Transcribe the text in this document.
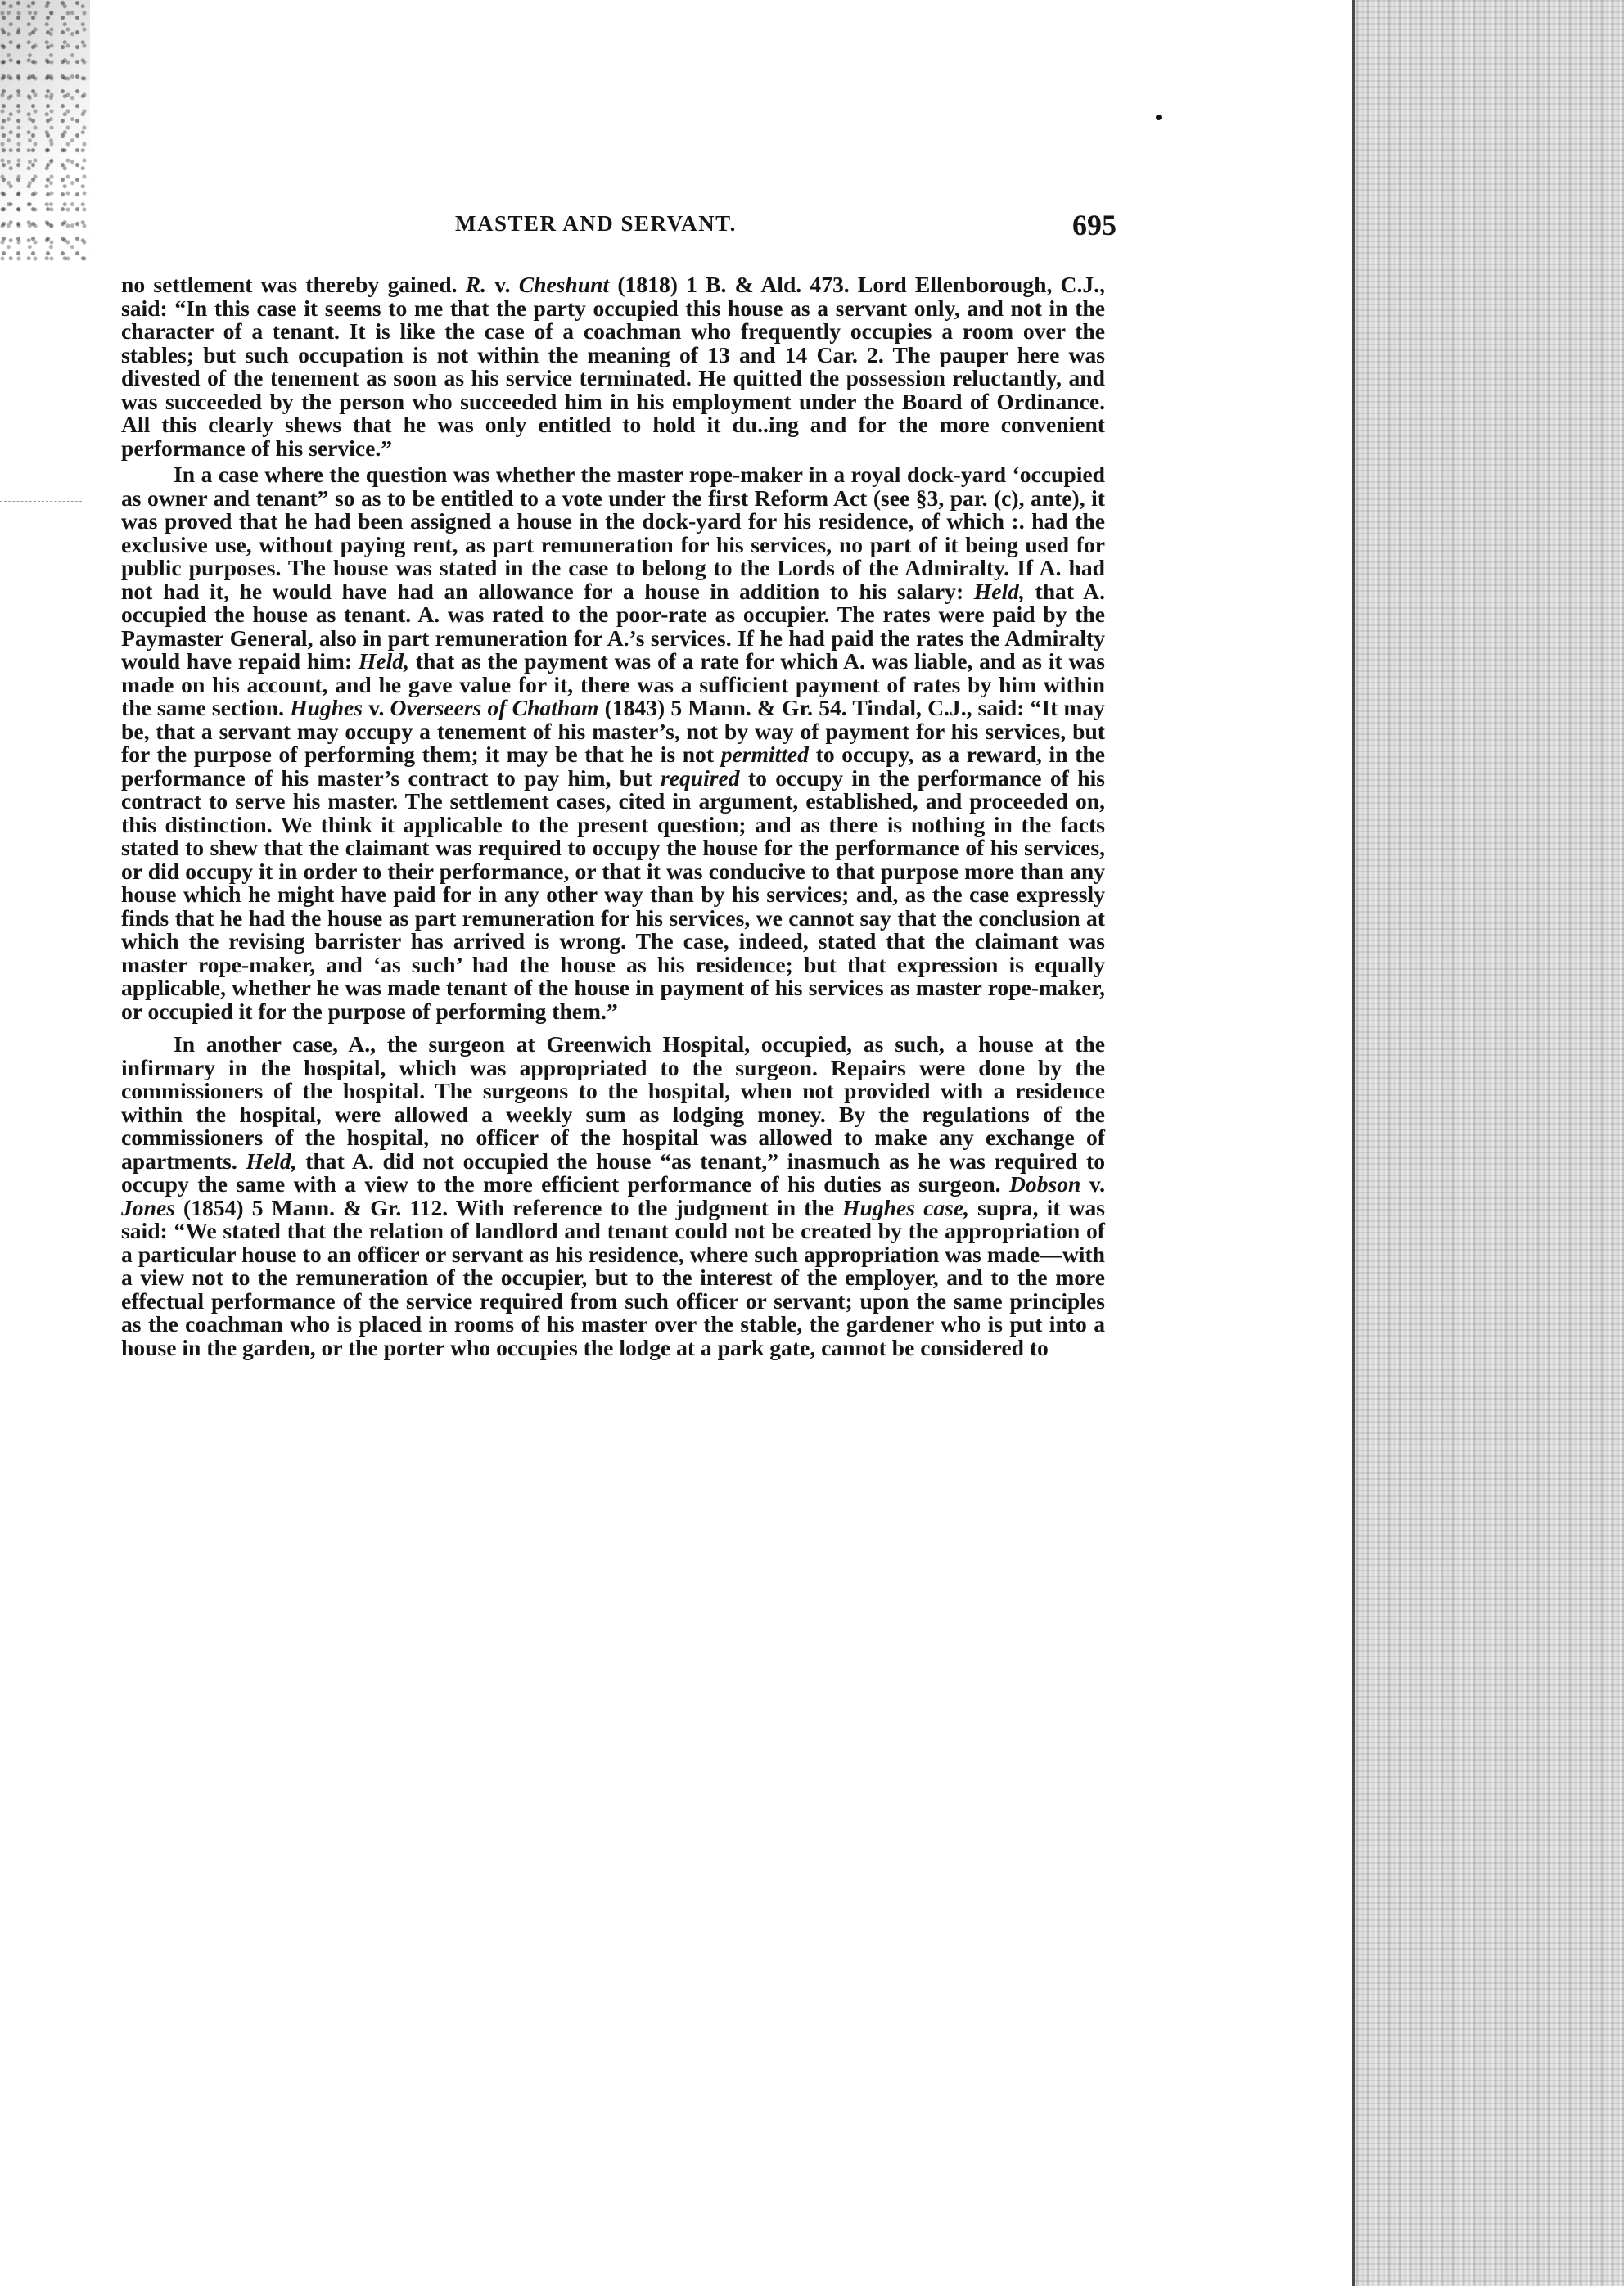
MASTER AND SERVANT.	695

no settlement was thereby gained. R. v. Cheshunt (1818) 1 B. & Ald. 473. Lord Ellenborough, C.J., said: “In this case it seems to me that the party occupied this house as a servant only, and not in the character of a tenant. It is like the case of a coachman who frequently occupies a room over the stables; but such occupation is not within the meaning of 13 and 14 Car. 2. The pauper here was divested of the tenement as soon as his service terminated. He quitted the possession reluctantly, and was succeeded by the person who succeeded him in his employment under the Board of Ordinance. All this clearly shews that he was only entitled to hold it du..ing and for the more convenient performance of his service.”

In a case where the question was whether the master rope-maker in a royal dock-yard ‘occupied as owner and tenant” so as to be entitled to a vote under the first Reform Act (see §3, par. (c), ante), it was proved that he had been assigned a house in the dock-yard for his residence, of which :. had the exclusive use, without paying rent, as part remuneration for his services, no part of it being used for public purposes. The house was stated in the case to belong to the Lords of the Admiralty. If A. had not had it, he would have had an allowance for a house in addition to his salary: Held, that A. occupied the house as tenant. A. was rated to the poor-rate as occupier. The rates were paid by the Paymaster General, also in part remuneration for A.’s services. If he had paid the rates the Admiralty would have repaid him: Held, that as the payment was of a rate for which A. was liable, and as it was made on his account, and he gave value for it, there was a sufficient payment of rates by him within the same section. Hughes v. Overseers of Chatham (1843) 5 Mann. & Gr. 54. Tindal, C.J., said: “It may be, that a servant may occupy a tenement of his master’s, not by way of payment for his services, but for the purpose of performing them; it may be that he is not permitted to occupy, as a reward, in the performance of his master’s contract to pay him, but required to occupy in the performance of his contract to serve his master. The settlement cases, cited in argument, established, and proceeded on, this distinction. We think it applicable to the present question; and as there is nothing in the facts stated to shew that the claimant was required to occupy the house for the performance of his services, or did occupy it in order to their performance, or that it was conducive to that purpose more than any house which he might have paid for in any other way than by his services; and, as the case expressly finds that he had the house as part remuneration for his services, we cannot say that the conclusion at which the revising barrister has arrived is wrong. The case, indeed, stated that the claimant was master rope-maker, and ‘as such’ had the house as his residence; but that expression is equally applicable, whether he was made tenant of the house in payment of his services as master rope-maker, or occupied it for the purpose of performing them.”

In another case, A., the surgeon at Greenwich Hospital, occupied, as such, a house at the infirmary in the hospital, which was appropriated to the surgeon. Repairs were done by the commissioners of the hospital. The surgeons to the hospital, when not provided with a residence within the hospital, were allowed a weekly sum as lodging money. By the regulations of the commissioners of the hospital, no officer of the hospital was allowed to make any exchange of apartments. Held, that A. did not occupied the house “as tenant,” inasmuch as he was required to occupy the same with a view to the more efficient performance of his duties as surgeon. Dobson v. Jones (1854) 5 Mann. & Gr. 112. With reference to the judgment in the Hughes case, supra, it was said: “We stated that the relation of landlord and tenant could not be created by the appropriation of a particular house to an officer or servant as his residence, where such appropriation was made—with a view not to the remuneration of the occupier, but to the interest of the employer, and to the more effectual performance of the service required from such officer or servant; upon the same principles as the coachman who is placed in rooms of his master over the stable, the gardener who is put into a house in the garden, or the porter who occupies the lodge at a park gate, cannot be considered to
